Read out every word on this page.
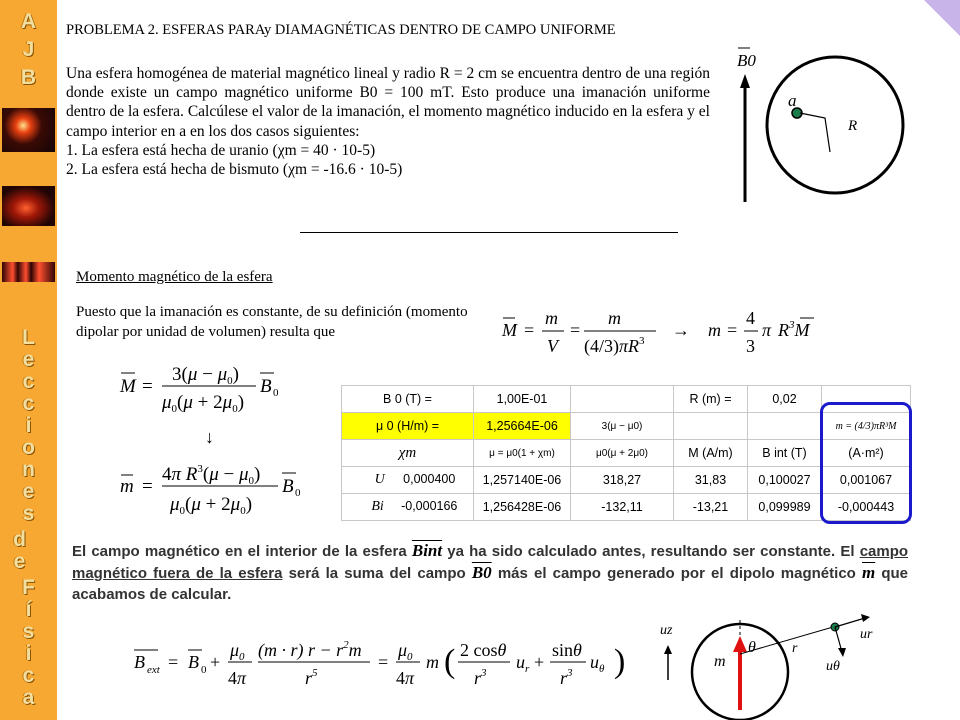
A
J
B
L
e
c
c
i
o
n
e
s
d
e
F
í
s
i
c
a
PROBLEMA 2. ESFERAS PARAy DIAMAGNÉTICAS DENTRO DE CAMPO UNIFORME
Una esfera homogénea de material magnético lineal y radio R = 2 cm se encuentra dentro de una región donde existe un campo magnético uniforme B0 = 100 mT. Esto produce una imanación uniforme dentro de la esfera. Calcúlese el valor de la imanación, el momento magnético inducido en la esfera y el campo interior en a en los dos casos siguientes:
1. La esfera está hecha de uranio (χm = 40 · 10-5)
2. La esfera está hecha de bismuto (χm = -16.6 · 10-5)
B0
a
R
Momento magnético de la esfera
Puesto que la imanación es constante, de su definición (momento dipolar por unidad de volumen) resulta que	M =
m
V
=
m
$(4/3)\pi R^3$
→ m =
4
3
π $R^3M$
M =
$3(\mu - \mu_0)$
$\mu_0(\mu + 2\mu_0)$
B 0
↓
m =
4π $R^3(\mu - \mu_0)$
$\mu_0(\mu + 2\mu_0)$
B 0
B 0 (T) =	1,00E-01		R (m) =	0,02	
μ 0 (H/m) =	1,25664E-06	3(μ − μ0)			m = (4/3)πR³M
χm	μ = μ0(1 + χm)	μ0(μ + 2μ0)	M (A/m)	B int (T)	(A·m²)
U 0,000400	1,257140E-06	318,27	31,83	0,100027	0,001067
Bi -0,000166	1,256428E-06	-132,11	-13,21	0,099989	-0,000443
El campo magnético en el interior de la esfera Bint ya ha sido calculado antes, resultando ser constante. El campo magnético fuera de la esfera será la suma del campo B0 más el campo generado por el dipolo magnético $\overline{m}$ que acabamos de calcular.
B ext = B 0 +
$\mu_0$
4π
(m · r) $r - r^2m$
$r^5$
=
$\mu_0$
4π
m ( 2 cosθ
$r^3$
$u_r$ +
sinθ
$r^3$
$u_\theta$ )
uz
θ	r
m
ur
uθ
